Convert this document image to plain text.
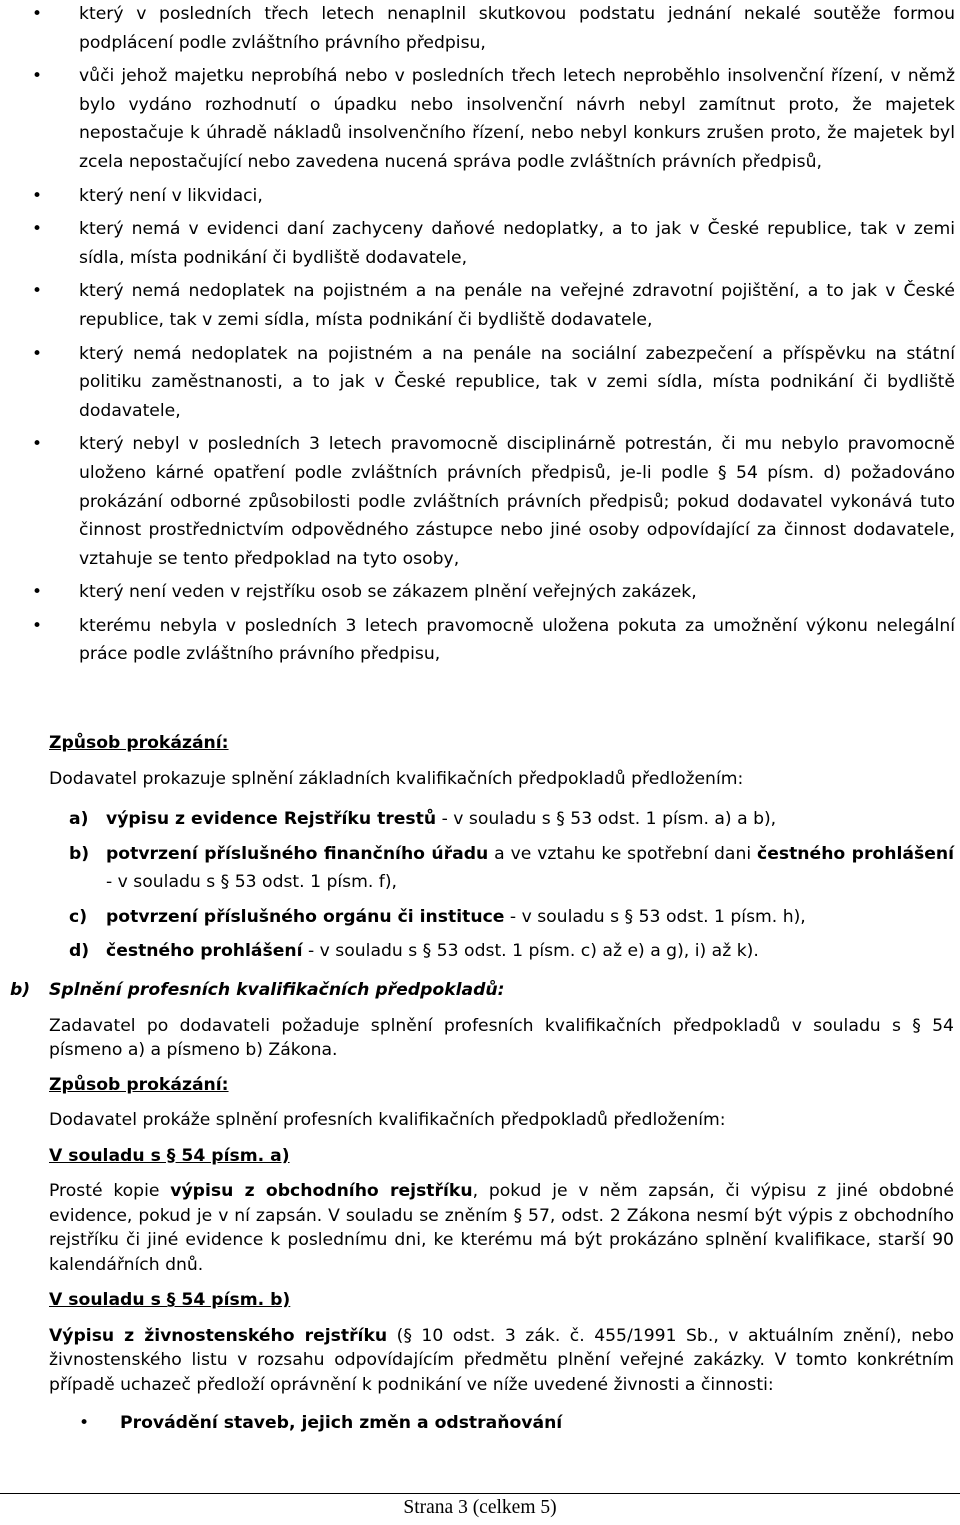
• který v posledních třech letech nenaplnil skutkovou podstatu jednání nekalé soutěže formou podplácení podle zvláštního právního předpisu,
• vůči jehož majetku neprobíhá nebo v posledních třech letech neproběhlo insolvenční řízení, v němž bylo vydáno rozhodnutí o úpadku nebo insolvenční návrh nebyl zamítnut proto, že majetek nepostačuje k úhradě nákladů insolvenčního řízení, nebo nebyl konkurs zrušen proto, že majetek byl zcela nepostačující nebo zavedena nucená správa podle zvláštních právních předpisů,
• který není v likvidaci,
• který nemá v evidenci daní zachyceny daňové nedoplatky, a to jak v České republice, tak v zemi sídla, místa podnikání či bydliště dodavatele,
• který nemá nedoplatek na pojistném a na penále na veřejné zdravotní pojištění, a to jak v České republice, tak v zemi sídla, místa podnikání či bydliště dodavatele,
• který nemá nedoplatek na pojistném a na penále na sociální zabezpečení a příspěvku na státní politiku zaměstnanosti, a to jak v České republice, tak v zemi sídla, místa podnikání či bydliště dodavatele,
• který nebyl v posledních 3 letech pravomocně disciplinárně potrestán, či mu nebylo pravomocně uloženo kárné opatření podle zvláštních právních předpisů, je-li podle § 54 písm. d) požadováno prokázání odborné způsobilosti podle zvláštních právních předpisů; pokud dodavatel vykonává tuto činnost prostřednictvím odpovědného zástupce nebo jiné osoby odpovídající za činnost dodavatele, vztahuje se tento předpoklad na tyto osoby,
• který není veden v rejstříku osob se zákazem plnění veřejných zakázek,
• kterému nebyla v posledních 3 letech pravomocně uložena pokuta za umožnění výkonu nelegální práce podle zvláštního právního předpisu,
Způsob prokázání:
Dodavatel prokazuje splnění základních kvalifikačních předpokladů předložením:
a) výpisu z evidence Rejstříku trestů - v souladu s § 53 odst. 1 písm. a) a b),
b) potvrzení příslušného finančního úřadu a ve vztahu ke spotřební dani čestného prohlášení - v souladu s § 53 odst. 1 písm. f),
c) potvrzení příslušného orgánu či instituce - v souladu s § 53 odst. 1 písm. h),
d) čestného prohlášení - v souladu s § 53 odst. 1 písm. c) až e) a g), i) až k).
b) Splnění profesních kvalifikačních předpokladů:
Zadavatel po dodavateli požaduje splnění profesních kvalifikačních předpokladů v souladu s § 54 písmeno a) a písmeno b) Zákona.
Způsob prokázání:
Dodavatel prokáže splnění profesních kvalifikačních předpokladů předložením:
V souladu s § 54 písm. a)
Prosté kopie výpisu z obchodního rejstříku, pokud je v něm zapsán, či výpisu z jiné obdobné evidence, pokud je v ní zapsán. V souladu se zněním § 57, odst. 2 Zákona nesmí být výpis z obchodního rejstříku či jiné evidence k poslednímu dni, ke kterému má být prokázáno splnění kvalifikace, starší 90 kalendářních dnů.
V souladu s § 54 písm. b)
Výpisu z živnostenského rejstříku (§ 10 odst. 3 zák. č. 455/1991 Sb., v aktuálním znění), nebo živnostenského listu v rozsahu odpovídajícím předmětu plnění veřejné zakázky. V tomto konkrétním případě uchazeč předloží oprávnění k podnikání ve níže uvedené živnosti a činnosti:
• Provádění staveb, jejich změn a odstraňování
Strana 3 (celkem 5)
